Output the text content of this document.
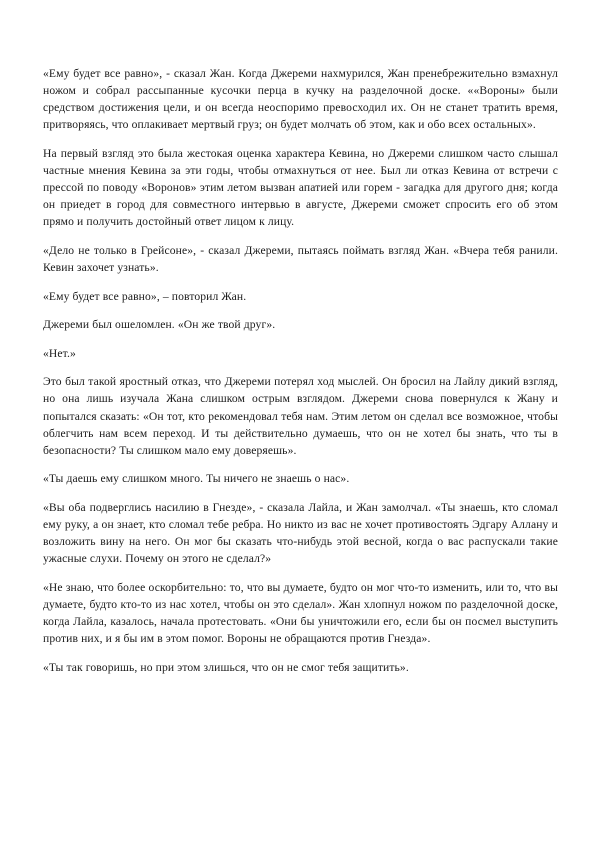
«Ему будет все равно», - сказал Жан. Когда Джереми нахмурился, Жан пренебрежительно взмахнул ножом и собрал рассыпанные кусочки перца в кучку на разделочной доске. ««Вороны» были средством достижения цели, и он всегда неоспоримо превосходил их. Он не станет тратить время, притворяясь, что оплакивает мертвый груз; он будет молчать об этом, как и обо всех остальных».

На первый взгляд это была жестокая оценка характера Кевина, но Джереми слишком часто слышал частные мнения Кевина за эти годы, чтобы отмахнуться от нее. Был ли отказ Кевина от встречи с прессой по поводу «Воронов» этим летом вызван апатией или горем - загадка для другого дня; когда он приедет в город для совместного интервью в августе, Джереми сможет спросить его об этом прямо и получить достойный ответ лицом к лицу.

«Дело не только в Грейсоне», - сказал Джереми, пытаясь поймать взгляд Жан. «Вчера тебя ранили. Кевин захочет узнать».

«Ему будет все равно», – повторил Жан.

Джереми был ошеломлен. «Он же твой друг».

«Нет.»

Это был такой яростный отказ, что Джереми потерял ход мыслей. Он бросил на Лайлу дикий взгляд, но она лишь изучала Жана слишком острым взглядом. Джереми снова повернулся к Жану и попытался сказать: «Он тот, кто рекомендовал тебя нам. Этим летом он сделал все возможное, чтобы облегчить нам всем переход. И ты действительно думаешь, что он не хотел бы знать, что ты в безопасности? Ты слишком мало ему доверяешь».

«Ты даешь ему слишком много. Ты ничего не знаешь о нас».

«Вы оба подверглись насилию в Гнезде», - сказала Лайла, и Жан замолчал. «Ты знаешь, кто сломал ему руку, а он знает, кто сломал тебе ребра. Но никто из вас не хочет противостоять Эдгару Аллану и возложить вину на него. Он мог бы сказать что-нибудь этой весной, когда о вас распускали такие ужасные слухи. Почему он этого не сделал?»

«Не знаю, что более оскорбительно: то, что вы думаете, будто он мог что-то изменить, или то, что вы думаете, будто кто-то из нас хотел, чтобы он это сделал». Жан хлопнул ножом по разделочной доске, когда Лайла, казалось, начала протестовать. «Они бы уничтожили его, если бы он посмел выступить против них, и я бы им в этом помог. Вороны не обращаются против Гнезда».

«Ты так говоришь, но при этом злишься, что он не смог тебя защитить».
